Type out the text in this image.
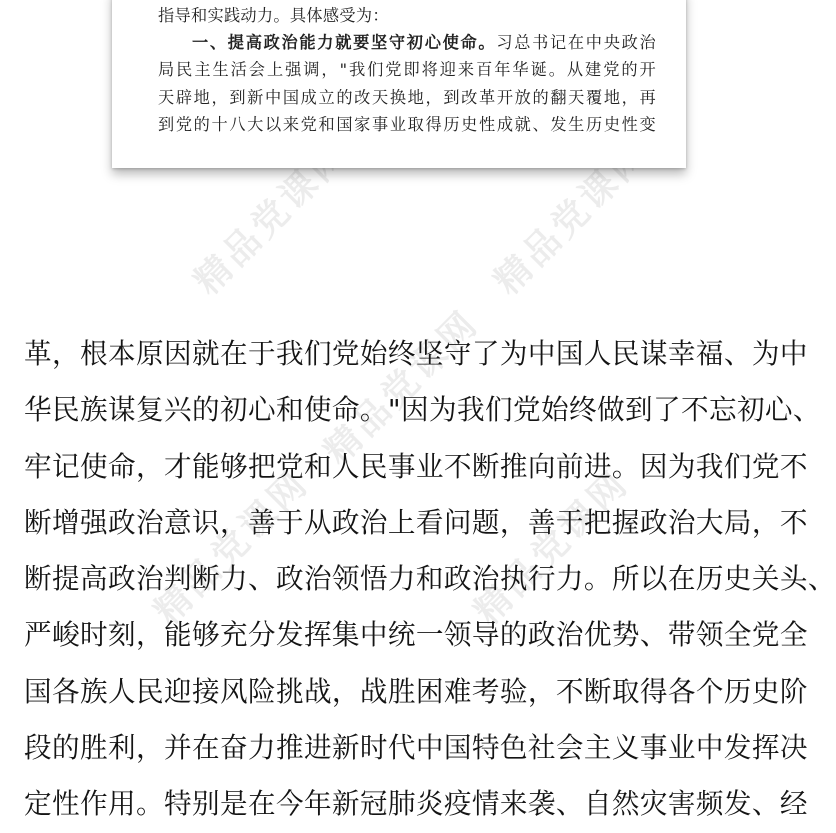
精品党课网	精品党课网
精品党课网
精品党课网	精品党课网
指导和实践动力。具体感受为：
一、提高政治能力就要坚守初心使命。习总书记在中央政治
局民主生活会上强调，"我们党即将迎来百年华诞。从建党的开
天辟地，到新中国成立的改天换地，到改革开放的翻天覆地，再
到党的十八大以来党和国家事业取得历史性成就、发生历史性变
革，根本原因就在于我们党始终坚守了为中国人民谋幸福、为中
华民族谋复兴的初心和使命。"因为我们党始终做到了不忘初心、
牢记使命，才能够把党和人民事业不断推向前进。因为我们党不
断增强政治意识，善于从政治上看问题，善于把握政治大局，不
断提高政治判断力、政治领悟力和政治执行力。所以在历史关头、
严峻时刻，能够充分发挥集中统一领导的政治优势、带领全党全
国各族人民迎接风险挑战，战胜困难考验，不断取得各个历史阶
段的胜利，并在奋力推进新时代中国特色社会主义事业中发挥决
定性作用。特别是在今年新冠肺炎疫情来袭、自然灾害频发、经
